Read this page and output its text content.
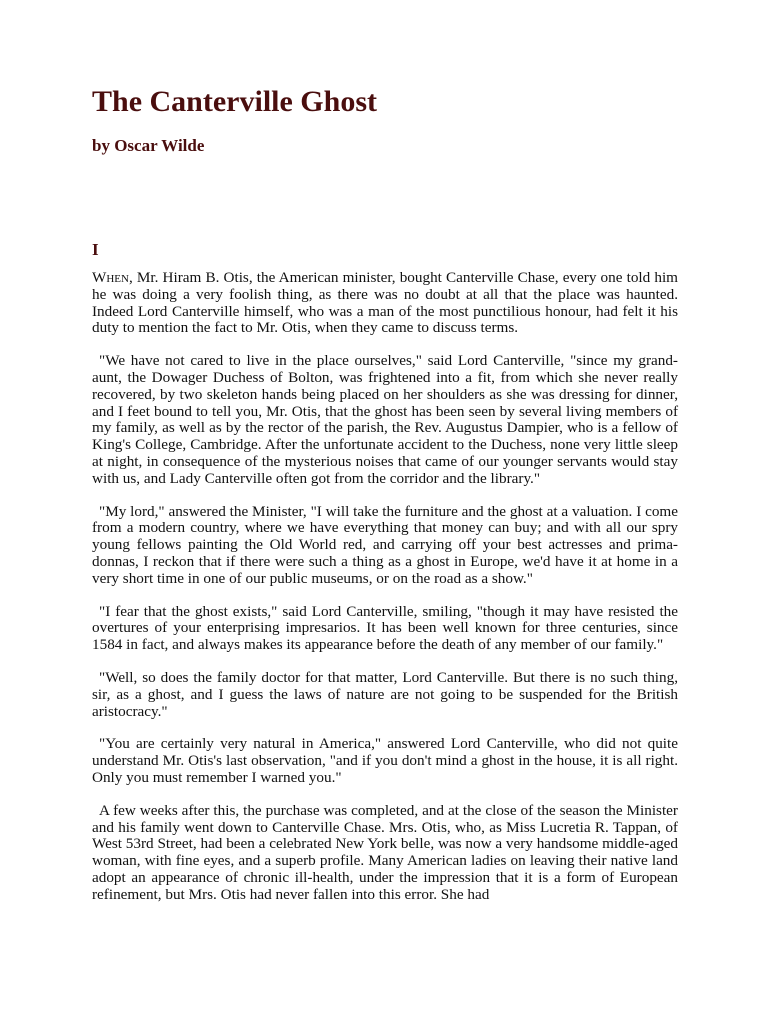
The Canterville Ghost
by Oscar Wilde
I

When, Mr. Hiram B. Otis, the American minister, bought Canterville Chase, every one told him he was doing a very foolish thing, as there was no doubt at all that the place was haunted. Indeed Lord Canterville himself, who was a man of the most punctilious honour, had felt it his duty to mention the fact to Mr. Otis, when they came to discuss terms.

"We have not cared to live in the place ourselves," said Lord Canterville, "since my grand-aunt, the Dowager Duchess of Bolton, was frightened into a fit, from which she never really recovered, by two skeleton hands being placed on her shoulders as she was dressing for dinner, and I feet bound to tell you, Mr. Otis, that the ghost has been seen by several living members of my family, as well as by the rector of the parish, the Rev. Augustus Dampier, who is a fellow of King's College, Cambridge. After the unfortunate accident to the Duchess, none very little sleep at night, in consequence of the mysterious noises that came of our younger servants would stay with us, and Lady Canterville often got from the corridor and the library."

"My lord," answered the Minister, "I will take the furniture and the ghost at a valuation. I come from a modern country, where we have everything that money can buy; and with all our spry young fellows painting the Old World red, and carrying off your best actresses and prima-donnas, I reckon that if there were such a thing as a ghost in Europe, we'd have it at home in a very short time in one of our public museums, or on the road as a show."

"I fear that the ghost exists," said Lord Canterville, smiling, "though it may have resisted the overtures of your enterprising impresarios. It has been well known for three centuries, since 1584 in fact, and always makes its appearance before the death of any member of our family."

"Well, so does the family doctor for that matter, Lord Canterville. But there is no such thing, sir, as a ghost, and I guess the laws of nature are not going to be suspended for the British aristocracy."

"You are certainly very natural in America," answered Lord Canterville, who did not quite understand Mr. Otis's last observation, "and if you don't mind a ghost in the house, it is all right. Only you must remember I warned you."

A few weeks after this, the purchase was completed, and at the close of the season the Minister and his family went down to Canterville Chase. Mrs. Otis, who, as Miss Lucretia R. Tappan, of West 53rd Street, had been a celebrated New York belle, was now a very handsome middle-aged woman, with fine eyes, and a superb profile. Many American ladies on leaving their native land adopt an appearance of chronic ill-health, under the impression that it is a form of European refinement, but Mrs. Otis had never fallen into this error. She had
